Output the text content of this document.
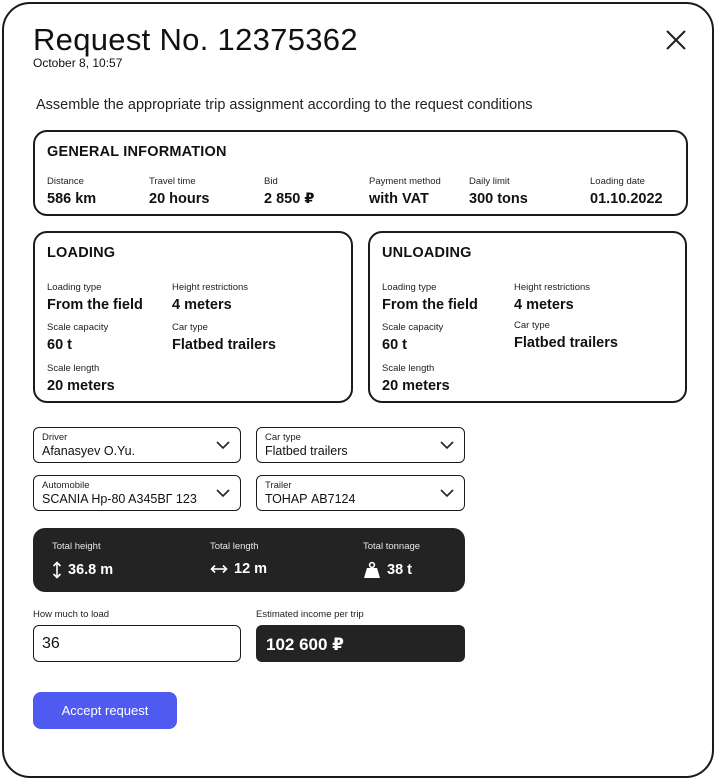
Request No. 12375362
October 8, 10:57
Assemble the appropriate trip assignment according to the request conditions
GENERAL INFORMATION
Distance
586 km
Travel time
20 hours
Bid
2 850 ₽
Payment method
with VAT
Daily limit
300 tons
Loading date
01.10.2022
LOADING
Loading type
From the field
Height restrictions
4 meters
Scale capacity
60 t
Car type
Flatbed trailers
Scale length
20 meters
UNLOADING
Loading type
From the field
Height restrictions
4 meters
Scale capacity
60 t
Car type
Flatbed trailers
Scale length
20 meters
Driver
Afanasyev O.Yu.
Car type
Flatbed trailers
Automobile
SCANIA Hp-80 A345BГ 123
Trailer
ТОНАР АВ7124
Total height
36.8 m
Total length
12 m
Total tonnage
38 t
How much to load
36	Estimated income per trip
102 600 ₽
Accept request
